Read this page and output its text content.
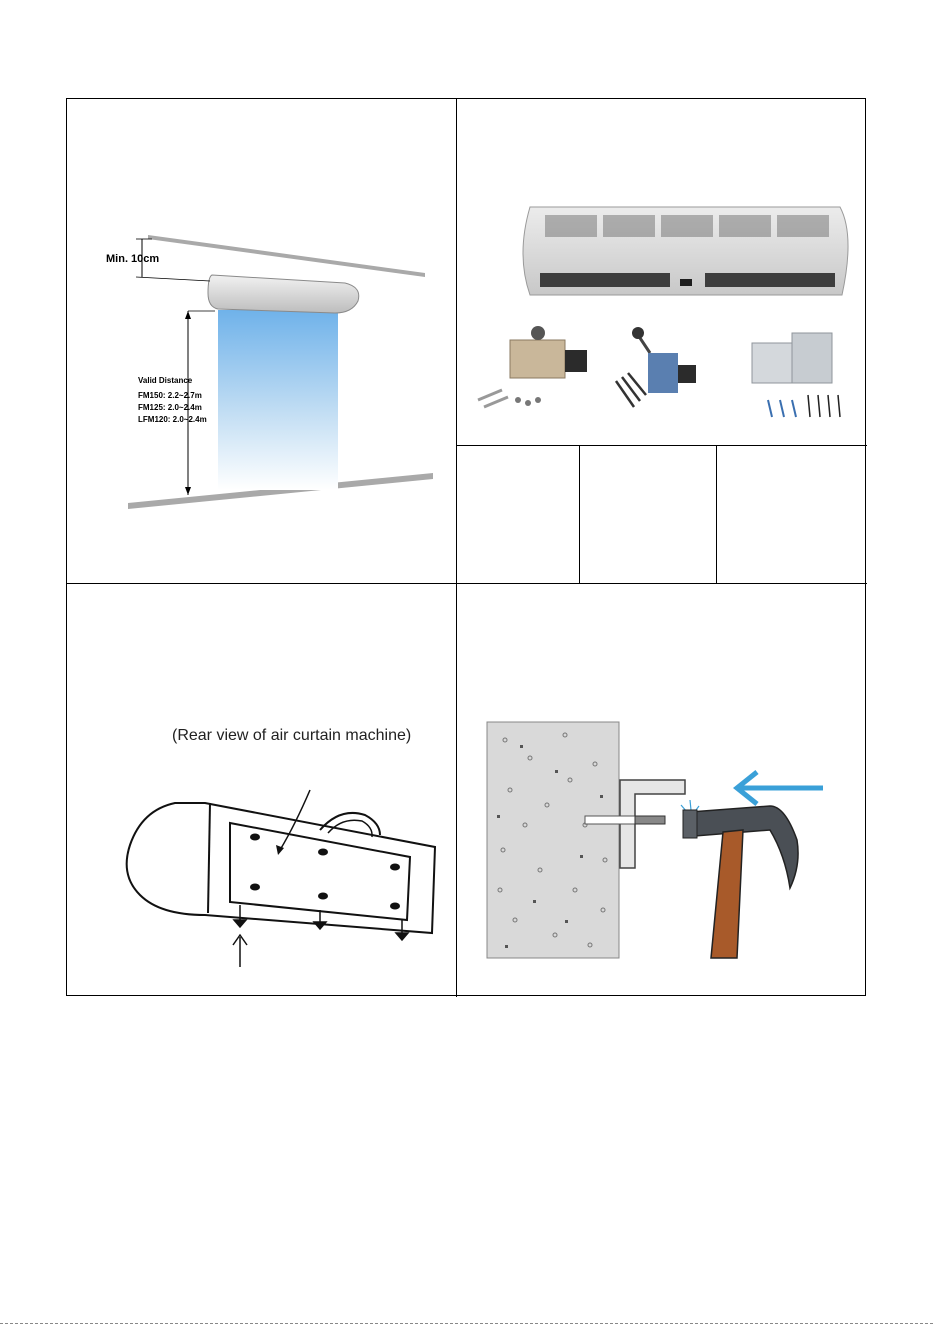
Min. 10cm
Valid Distance
FM150: 2.2~2.7m
FM125: 2.0~2.4m
LFM120: 2.0~2.4m
(Rear view of air curtain machine)
